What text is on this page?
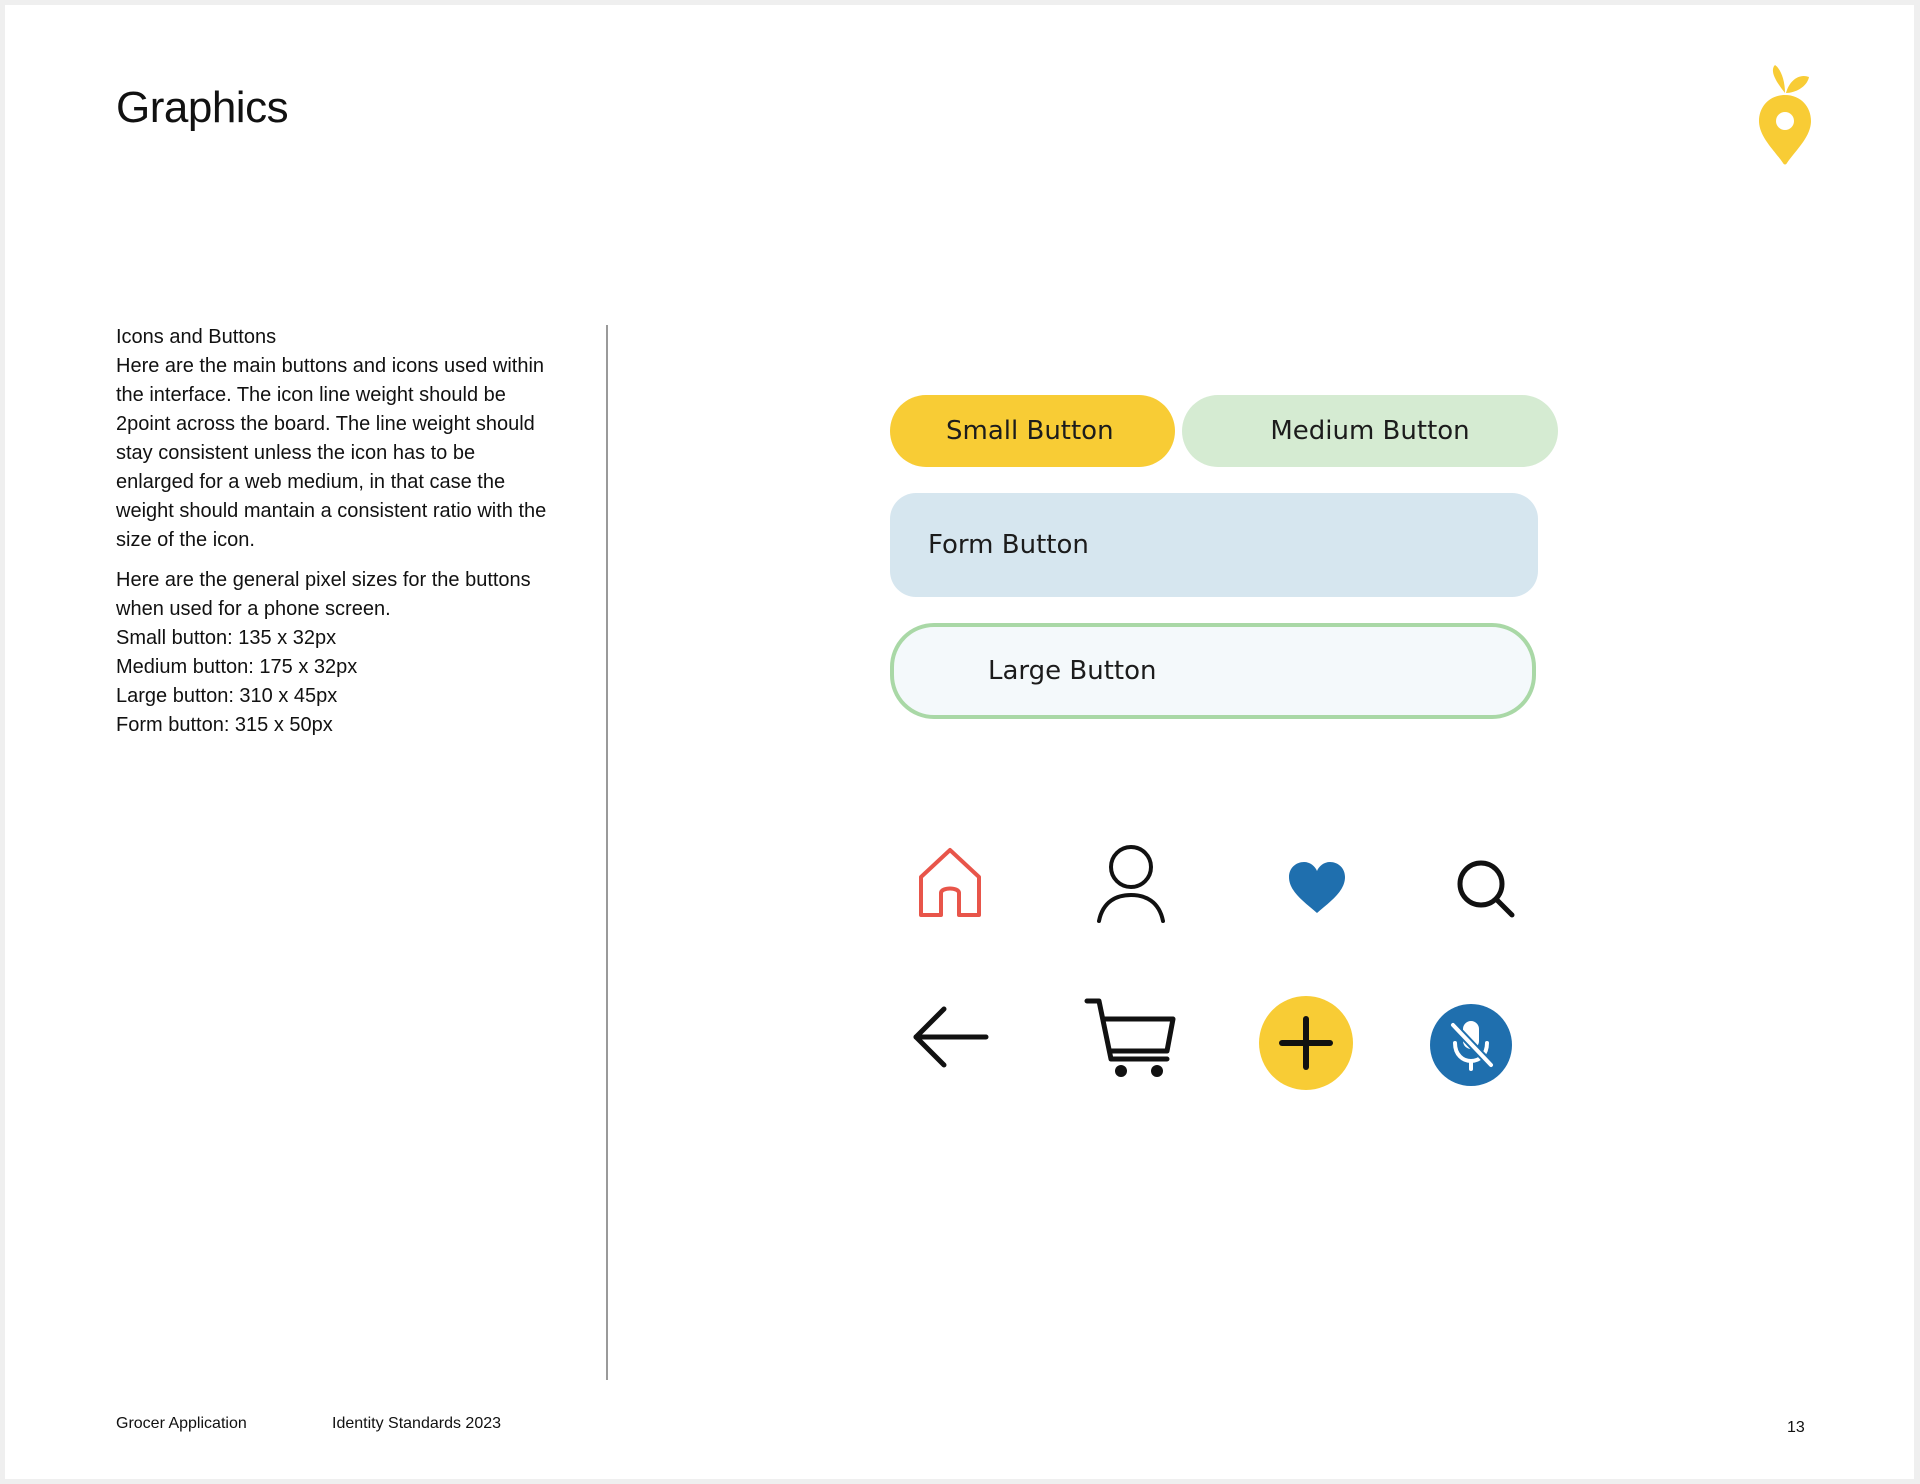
Graphics
Icons and Buttons
Here are the main buttons and icons used within the interface. The icon line weight should be 2point across the board. The line weight should stay consistent unless the icon has to be enlarged for a web medium, in that case the weight should mantain a consistent ratio with the size of the icon.
Here are the general pixel sizes for the buttons when used for a phone screen.
Small button: 135 x 32px
Medium button: 175 x 32px
Large button: 310 x 45px
Form button: 315 x 50px
Small Button	Medium Button
Form Button
Large Button
Grocer Application	Identity Standards 2023	13
